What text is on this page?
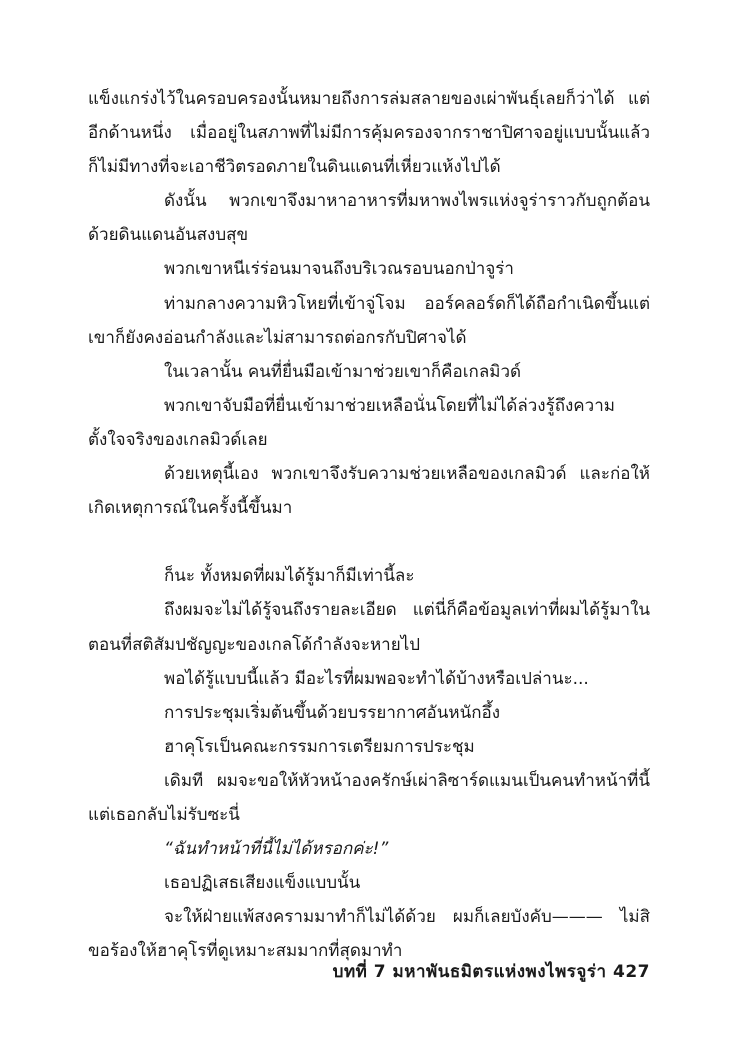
แข็งแกร่งไว้ในครอบครองนั้นหมายถึงการล่มสลายของเผ่าพันธุ์เลยก็ว่าได้ แต่อีกด้านหนึ่ง เมื่ออยู่ในสภาพที่ไม่มีการคุ้มครองจากราชาปิศาจอยู่แบบนั้นแล้ว ก็ไม่มีทางที่จะเอาชีวิตรอดภายในดินแดนที่เหี่ยวแห้งไปได้

ดังนั้น พวกเขาจึงมาหาอาหารที่มหาพงไพรแห่งจูร่าราวกับถูกต้อนด้วยดินแดนอันสงบสุข

พวกเขาหนีเร่ร่อนมาจนถึงบริเวณรอบนอกป่าจูร่า

ท่ามกลางความหิวโหยที่เข้าจู่โจม ออร์คลอร์ดก็ได้ถือกำเนิดขึ้นแต่เขาก็ยังคงอ่อนกำลังและไม่สามารถต่อกรกับปิศาจได้

ในเวลานั้น คนที่ยื่นมือเข้ามาช่วยเขาก็คือเกลมิวด์

พวกเขาจับมือที่ยื่นเข้ามาช่วยเหลือนั่นโดยที่ไม่ได้ล่วงรู้ถึงความตั้งใจจริงของเกลมิวด์เลย

ด้วยเหตุนี้เอง พวกเขาจึงรับความช่วยเหลือของเกลมิวด์ และก่อให้เกิดเหตุการณ์ในครั้งนี้ขึ้นมา

ก็นะ ทั้งหมดที่ผมได้รู้มาก็มีเท่านี้ละ

ถึงผมจะไม่ได้รู้จนถึงรายละเอียด แต่นี่ก็คือข้อมูลเท่าที่ผมได้รู้มาในตอนที่สติสัมปชัญญะของเกลโด้กำลังจะหายไป

พอได้รู้แบบนี้แล้ว มีอะไรที่ผมพอจะทำได้บ้างหรือเปล่านะ...

การประชุมเริ่มต้นขึ้นด้วยบรรยากาศอันหนักอึ้ง

ฮาคุโรเป็นคณะกรรมการเตรียมการประชุม

เดิมที ผมจะขอให้หัวหน้าองครักษ์เผ่าลิซาร์ดแมนเป็นคนทำหน้าที่นี้ แต่เธอกลับไม่รับซะนี่

“ฉันทำหน้าที่นี้ไม่ได้หรอกค่ะ!”

เธอปฏิเสธเสียงแข็งแบบนั้น

จะให้ฝ่ายแพ้สงครามมาทำก็ไม่ได้ด้วย ผมก็เลยบังคับ——— ไม่สิ ขอร้องให้ฮาคุโรที่ดูเหมาะสมมากที่สุดมาทำ

บทที่ 7 มหาพันธมิตรแห่งพงไพรจูร่า 427
